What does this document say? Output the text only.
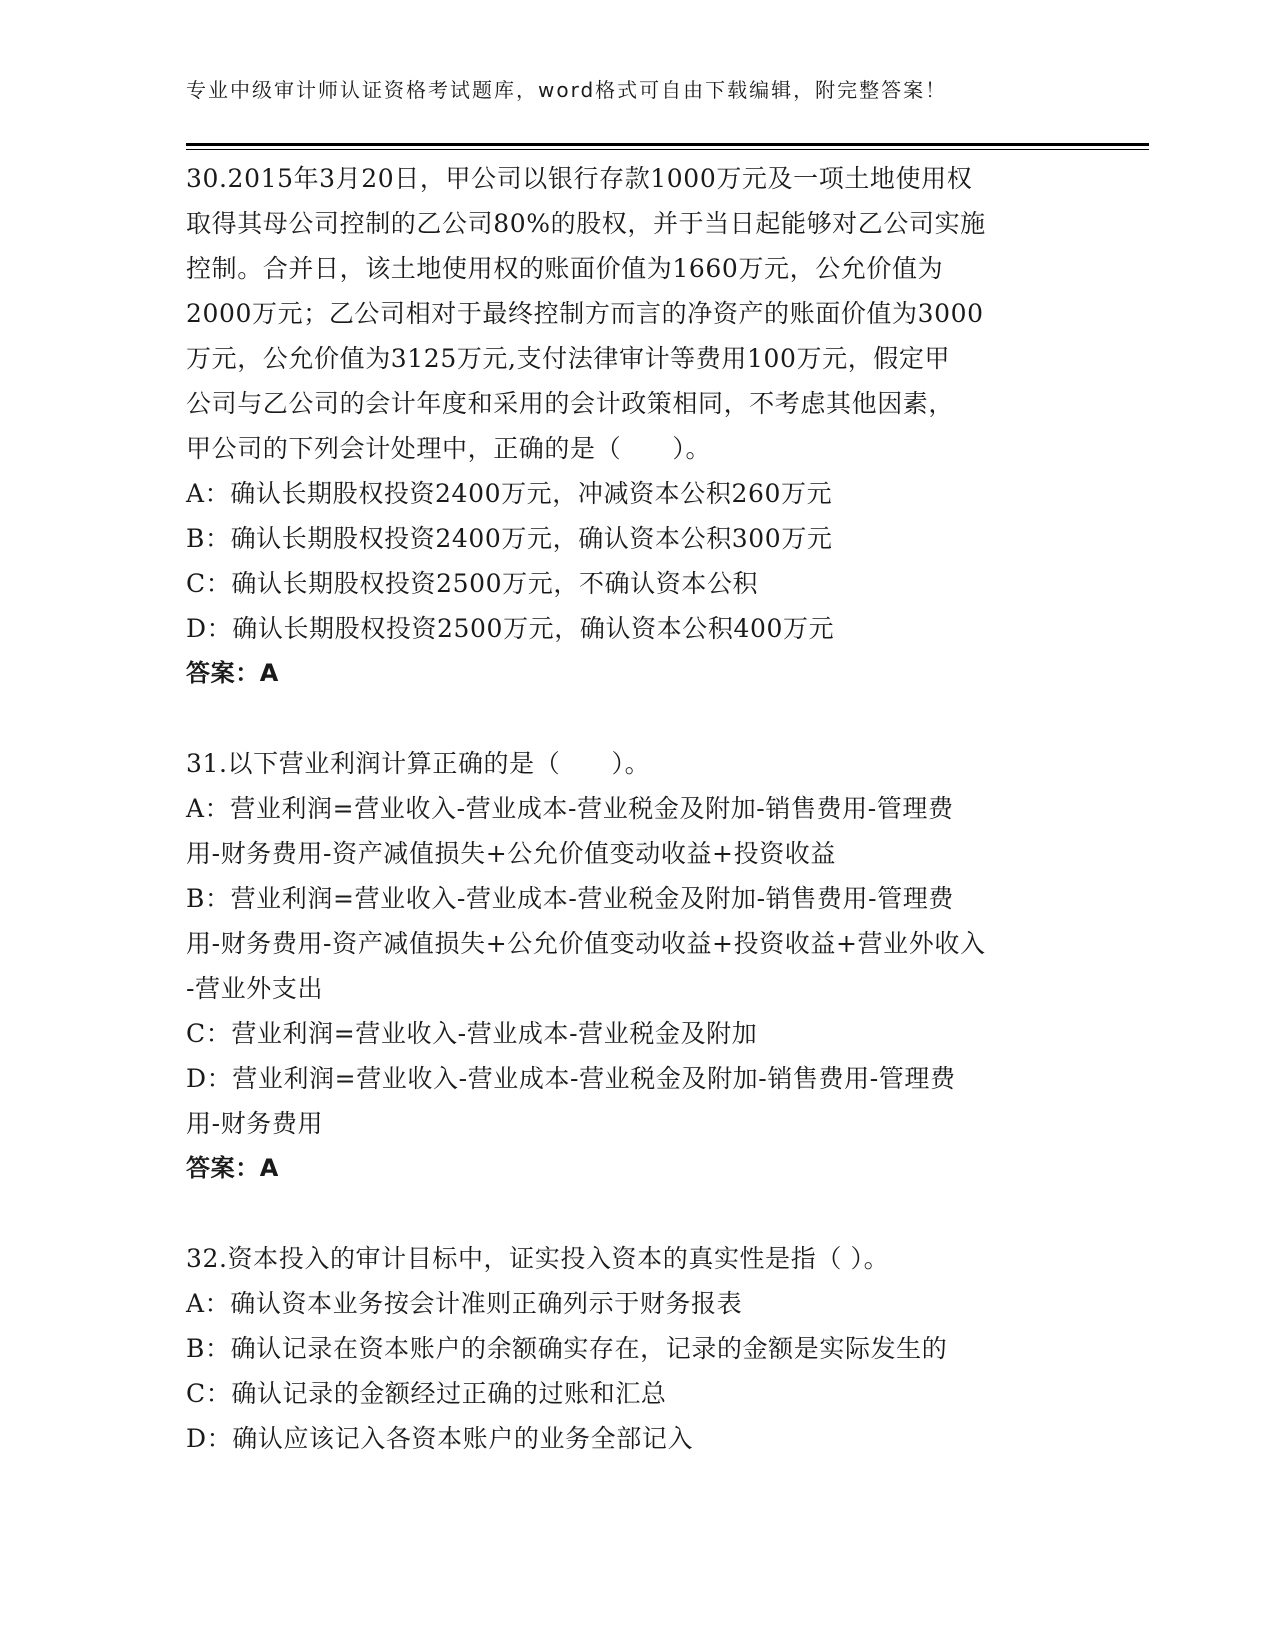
专业中级审计师认证资格考试题库，word格式可自由下载编辑，附完整答案！
30.2015年3月20日，甲公司以银行存款1000万元及一项土地使用权
取得其母公司控制的乙公司80%的股权，并于当日起能够对乙公司实施
控制。合并日，该土地使用权的账面价值为1660万元，公允价值为
2000万元；乙公司相对于最终控制方而言的净资产的账面价值为3000
万元，公允价值为3125万元,支付法律审计等费用100万元，假定甲
公司与乙公司的会计年度和采用的会计政策相同，不考虑其他因素，
甲公司的下列会计处理中，正确的是（　　）。
A：确认长期股权投资2400万元，冲减资本公积260万元
B：确认长期股权投资2400万元，确认资本公积300万元
C：确认长期股权投资2500万元，不确认资本公积
D：确认长期股权投资2500万元，确认资本公积400万元
答案：A
31.以下营业利润计算正确的是（　　）。
A：营业利润=营业收入-营业成本-营业税金及附加-销售费用-管理费
用-财务费用-资产减值损失+公允价值变动收益+投资收益
B：营业利润=营业收入-营业成本-营业税金及附加-销售费用-管理费
用-财务费用-资产减值损失+公允价值变动收益+投资收益+营业外收入
-营业外支出
C：营业利润=营业收入-营业成本-营业税金及附加
D：营业利润=营业收入-营业成本-营业税金及附加-销售费用-管理费
用-财务费用
答案：A
32.资本投入的审计目标中，证实投入资本的真实性是指（ ）。
A：确认资本业务按会计准则正确列示于财务报表
B：确认记录在资本账户的余额确实存在，记录的金额是实际发生的
C：确认记录的金额经过正确的过账和汇总
D：确认应该记入各资本账户的业务全部记入
